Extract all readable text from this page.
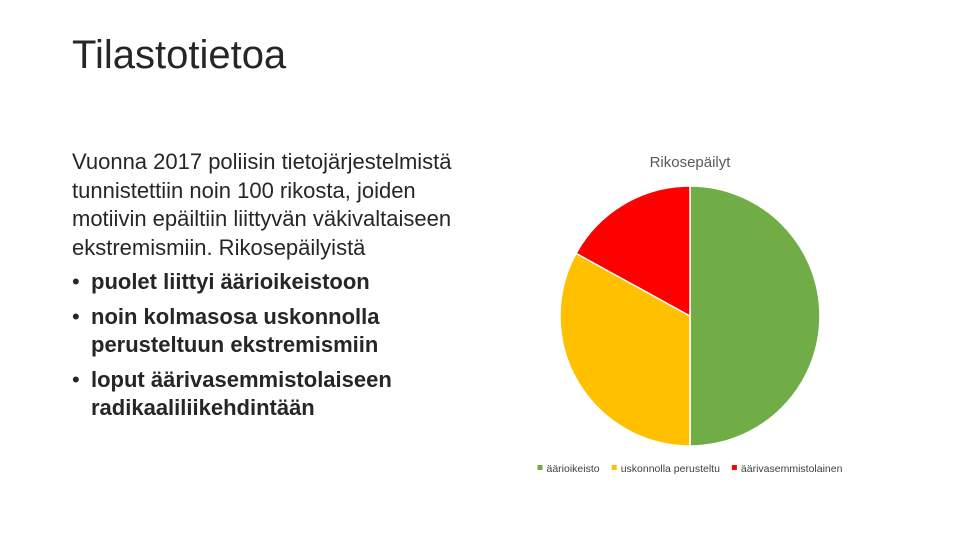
Tilastotietoa

Vuonna 2017 poliisin tietojärjestelmistä tunnistettiin noin 100 rikosta, joiden motiivin epäiltiin liittyvän väkivaltaiseen ekstremismiin. Rikosepäilyistä

• puolet liittyi äärioikeistoon
• noin kolmasosa uskonnolla perusteltuun ekstremismiin
• loput äärivasemmistolaiseen radikaaliliikehdintään
Rikosepäilyt
äärioikeisto uskonnolla perusteltu äärivasemmistolainen
